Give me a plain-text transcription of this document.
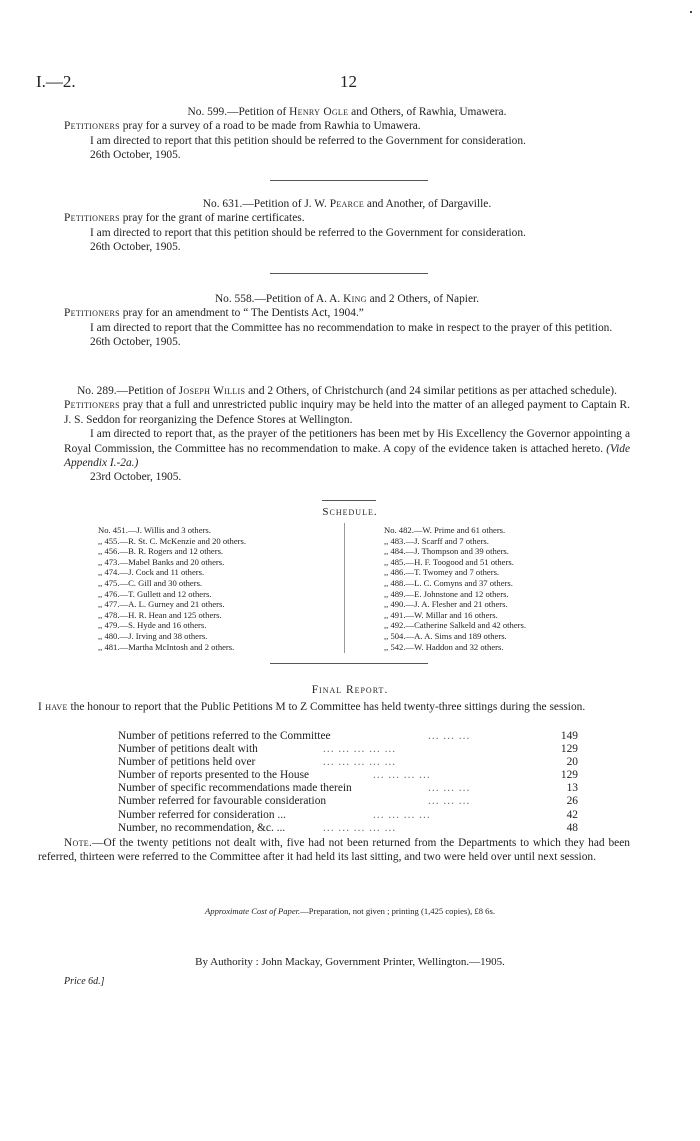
I.—2.	12

No. 599.—Petition of Henry Ogle and Others, of Rawhia, Umawera.

Petitioners pray for a survey of a road to be made from Rawhia to Umawera.

I am directed to report that this petition should be referred to the Government for consideration.

26th October, 1905.

No. 631.—Petition of J. W. Pearce and Another, of Dargaville.

Petitioners pray for the grant of marine certificates.

I am directed to report that this petition should be referred to the Government for consideration.

26th October, 1905.

No. 558.—Petition of A. A. King and 2 Others, of Napier.

Petitioners pray for an amendment to “ The Dentists Act, 1904.”

I am directed to report that the Committee has no recommendation to make in respect to the prayer of this petition.

26th October, 1905.

No. 289.—Petition of Joseph Willis and 2 Others, of Christchurch (and 24 similar petitions as per attached schedule).

Petitioners pray that a full and unrestricted public inquiry may be held into the matter of an alleged payment to Captain R. J. S. Seddon for reorganizing the Defence Stores at Wellington.

I am directed to report that, as the prayer of the petitioners has been met by His Excellency the Governor appointing a Royal Commission, the Committee has no recommendation to make. A copy of the evidence taken is attached hereto. (Vide Appendix I.-2a.)

23rd October, 1905.

Schedule.
No. 451.—J. Willis and 3 others.
,, 455.—R. St. C. McKenzie and 20 others.
,, 456.—B. R. Rogers and 12 others.
,, 473.—Mabel Banks and 20 others.
,, 474.—J. Cock and 11 others.
,, 475.—C. Gill and 30 others.
,, 476.—T. Gullett and 12 others.
,, 477.—A. L. Gurney and 21 others.
,, 478.—H. R. Hean and 125 others.
,, 479.—S. Hyde and 16 others.
,, 480.—J. Irving and 38 others.
,, 481.—Martha McIntosh and 2 others.
No. 482.—W. Prime and 61 others.
,, 483.—J. Scarff and 7 others.
,, 484.—J. Thompson and 39 others.
,, 485.—H. F. Toogood and 51 others.
,, 486.—T. Twomey and 7 others.
,, 488.—L. C. Comyns and 37 others.
,, 489.—E. Johnstone and 12 others.
,, 490.—J. A. Flesher and 21 others.
,, 491.—W. Millar and 16 others.
,, 492.—Catherine Salkeld and 42 others.
,, 504.—A. A. Sims and 189 others.
,, 542.—W. Haddon and 32 others.
Final Report.

I have the honour to report that the Public Petitions M to Z Committee has held twenty-three sittings during the session.

Number of petitions referred to the Committee	... ... ...	149
Number of petitions dealt with	... ... ... ... ...	129
Number of petitions held over	... ... ... ... ...	20
Number of reports presented to the House	... ... ... ...	129
Number of specific recommendations made therein	... ... ...	13
Number referred for favourable consideration	... ... ...	26
Number referred for consideration ...	... ... ... ...	42
Number, no recommendation, &c. ...	... ... ... ... ...	48

Note.—Of the twenty petitions not dealt with, five had not been returned from the Departments to which they had been referred, thirteen were referred to the Committee after it had held its last sitting, and two were held over until next session.

Approximate Cost of Paper.—Preparation, not given ; printing (1,425 copies), £8 6s.
By Authority : John Mackay, Government Printer, Wellington.—1905.
Price 6d.]
